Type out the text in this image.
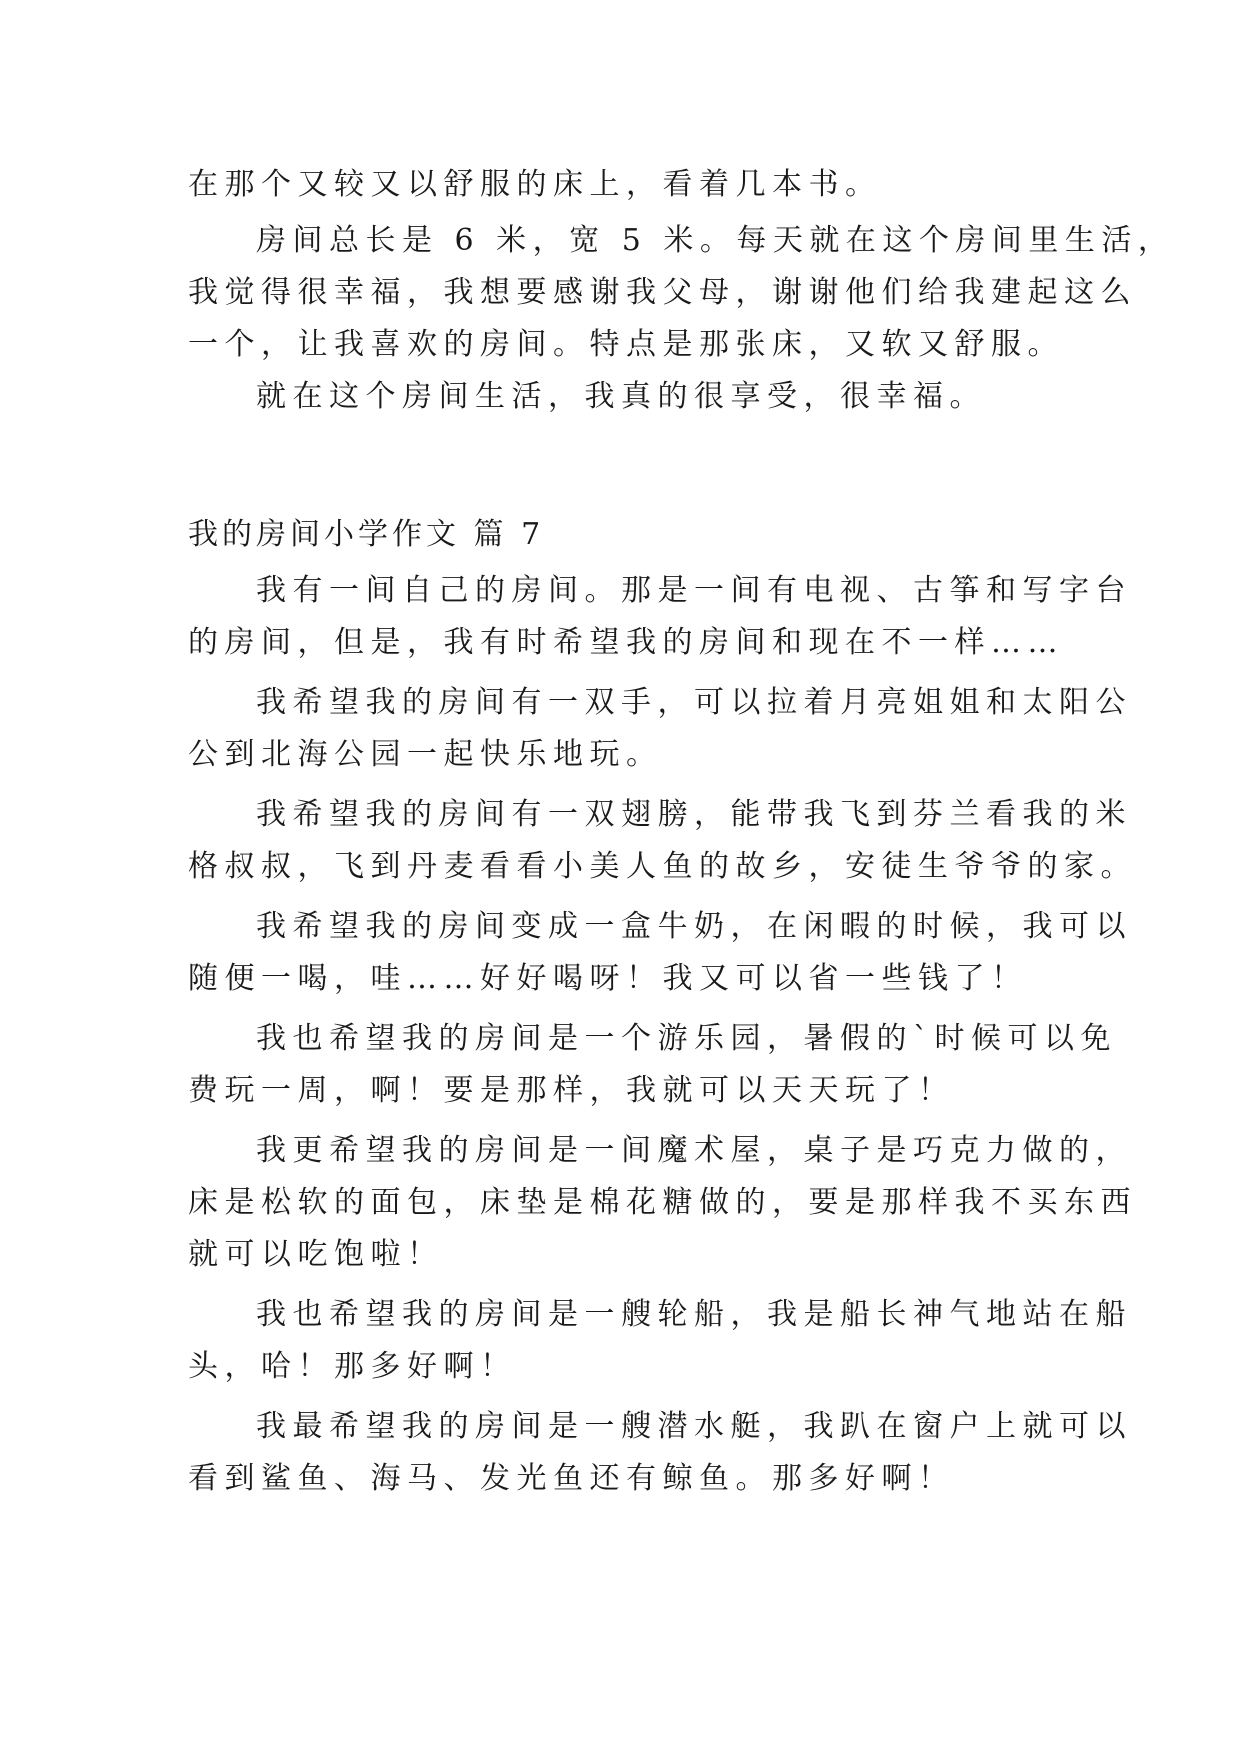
在那个又较又以舒服的床上，看着几本书。
房间总长是 6 米，宽 5 米。每天就在这个房间里生活，
我觉得很幸福，我想要感谢我父母，谢谢他们给我建起这么
一个，让我喜欢的房间。特点是那张床，又软又舒服。
就在这个房间生活，我真的很享受，很幸福。
我的房间小学作文 篇 7
我有一间自己的房间。那是一间有电视、古筝和写字台
的房间，但是，我有时希望我的房间和现在不一样……
我希望我的房间有一双手，可以拉着月亮姐姐和太阳公
公到北海公园一起快乐地玩。
我希望我的房间有一双翅膀，能带我飞到芬兰看我的米
格叔叔，飞到丹麦看看小美人鱼的故乡，安徒生爷爷的家。
我希望我的房间变成一盒牛奶，在闲暇的时候，我可以
随便一喝，哇……好好喝呀！我又可以省一些钱了！
我也希望我的房间是一个游乐园，暑假的`时候可以免
费玩一周，啊！要是那样，我就可以天天玩了！
我更希望我的房间是一间魔术屋，桌子是巧克力做的，
床是松软的面包，床垫是棉花糖做的，要是那样我不买东西
就可以吃饱啦！
我也希望我的房间是一艘轮船，我是船长神气地站在船
头，哈！那多好啊！
我最希望我的房间是一艘潜水艇，我趴在窗户上就可以
看到鲨鱼、海马、发光鱼还有鲸鱼。那多好啊！
